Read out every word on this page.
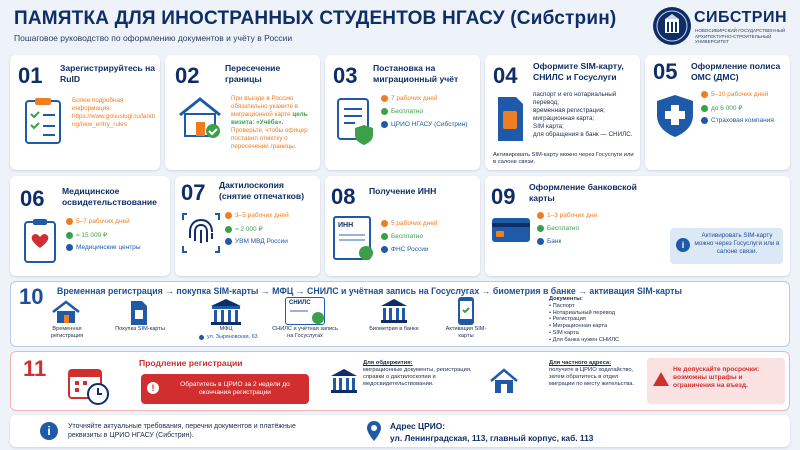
ПАМЯТКА ДЛЯ ИНОСТРАННЫХ СТУДЕНТОВ НГАСУ (Сибстрин)
Пошаговое руководство по оформлению документов и учёту в России
СИБСТРИН
НОВОСИБИРСКИЙ ГОСУДАРСТВЕННЫЙ АРХИТЕКТУРНО-СТРОИТЕЛЬНЫЙ УНИВЕРСИТЕТ
01 Зарегистрируйтесь на RuID
Более подробная информация:
https://www.gosuslugi.ru/landing/new_entry_rules
02	Пересечение границы
При въезде в Россию обязательно укажите в миграционной карте цель визита: «Учёба». Проверьте, чтобы офицер поставил отметку о пересечении границы.
03 Постановка на миграционный учёт
7 рабочих дней
Бесплатно
ЦРИО НГАСУ (Сибстрин)
04 Оформите SIM-карту, СНИЛС и Госуслуги
паспорт и его нотариальный перевод;
временная регистрация;
миграционная карта;
SIM карта;
для обращения в банк — СНИЛС.
Активировать SIM-карту можно через Госуслуги или в салоне связи.
05 Оформление полиса ОМС (ДМС)
5–10 рабочих дней
до 6 000 ₽
Страховая компания
06 Медицинское освидетельствование
5–7 рабочих дней
≈ 15 000 ₽
Медицинские центры
07 Дактилоскопия (снятие отпечатков)
3–5 рабочих дней
≈ 2 000 ₽
УВМ МВД России
08 Получение ИНН
ИНН	5 рабочих дней
Бесплатно
ФНС России
09 Оформление банковской карты
1–3 рабочих дня
Бесплатно
Банк	i
Активировать SIM-карту можно через Госуслуги или в салоне связи.
10 Временная регистрация → покупка SIM-карты → МФЦ → СНИЛС и учётная запись на Госуслугах → биометрия в банке → активация SIM-карты
Временная регистрация
Покупка SIM-карты	МФЦ
ул. Зыряновская, 63
СНИЛС
СНИЛС и учётная запись на Госуслугах
Биометрия в банке	Активация SIM-карты
Документы:
• Паспорт
• Нотариальный перевод
• Регистрация
• Миграционная карта
• SIM карта
• Для банка нужен СНИЛС
11	Продление регистрации
!	Обратитесь в ЦРИО за 2 недели до окончания регистрации
Для обдержития:
миграционные документы, регистрация, справки о дактилоскопии и медосвидетельствовании.
Для частного адреса:
получите в ЦРИО ходатайство, затем обратитесь в отдел миграции по месту жительства.
Не допускайте просрочки: возможны штрафы и ограничения на въезд.
i	Уточняйте актуальные требования, перечни документов и платёжные реквизиты в ЦРИО НГАСУ (Сибстрин).
Адрес ЦРИО:
ул. Ленинградская, 113, главный корпус, каб. 113
